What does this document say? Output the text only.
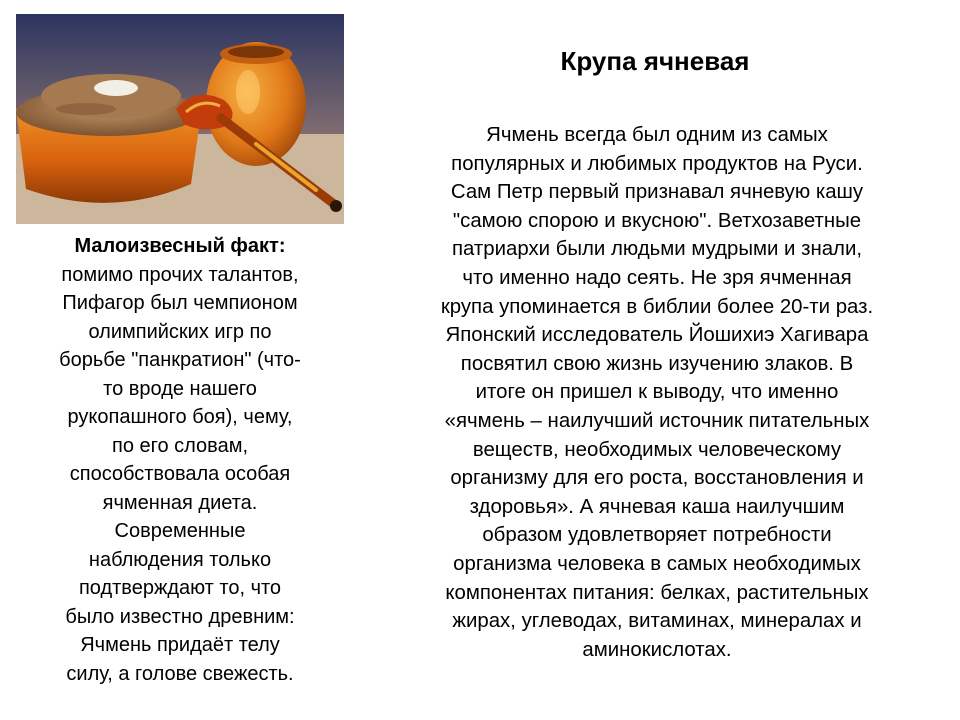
Крупа ячневая

Ячмень всегда был одним из самых
популярных и любимых продуктов на Руси.
Сам Петр первый признавал ячневую кашу
"самою спорою и вкусною". Ветхозаветные
патриархи были людьми мудрыми и знали,
что именно надо сеять. Не зря ячменная
крупа упоминается в библии более 20-ти раз.
Японский исследователь Йошихиэ Хагивара
посвятил свою жизнь изучению злаков. В
итоге он пришел к выводу, что именно
«ячмень – наилучший источник питательных
веществ, необходимых человеческому
организму для его роста, восстановления и
здоровья». А ячневая каша наилучшим
образом удовлетворяет потребности
организма человека в самых необходимых
компонентах питания: белках, растительных
жирах, углеводах, витаминах, минералах и
аминокислотах.

Малоизвесный факт:
помимо прочих талантов,
Пифагор был чемпионом
олимпийских игр по
борьбе "панкратион" (что-
то вроде нашего
рукопашного боя), чему,
по его словам,
способствовала особая
ячменная диета.
Современные
наблюдения только
подтверждают то, что
было известно древним:
Ячмень придаёт телу
силу, а голове свежесть.
